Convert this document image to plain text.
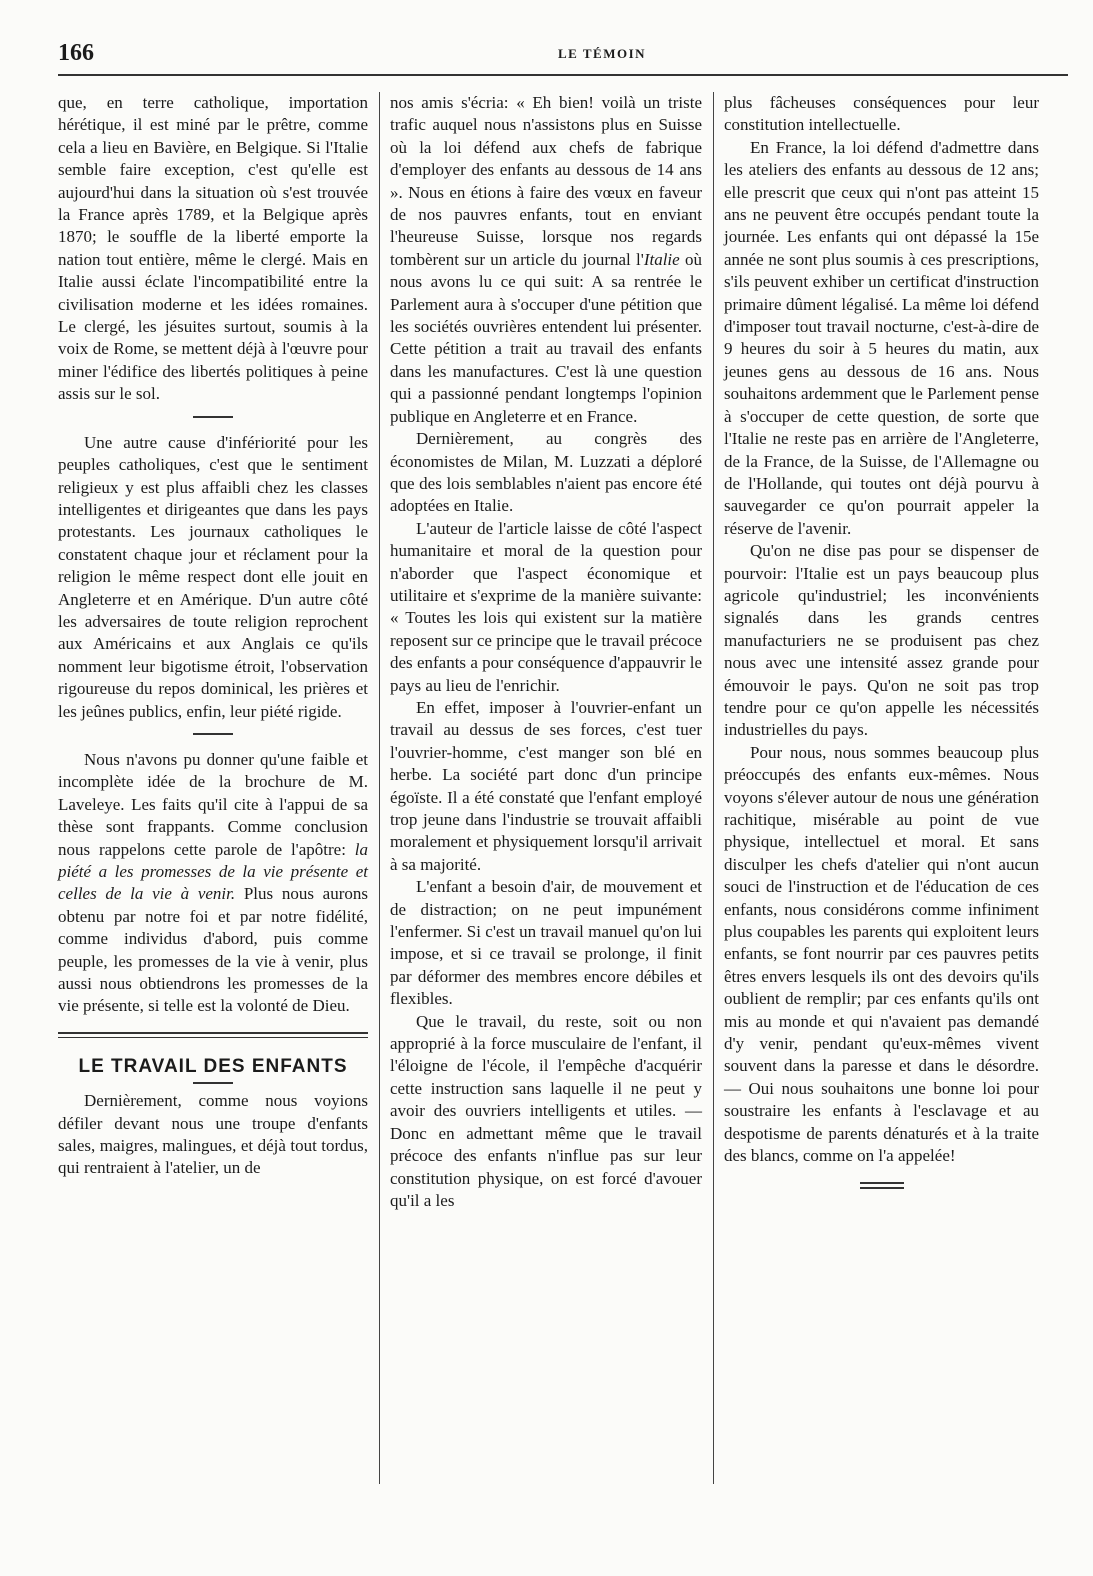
166	LE TÉMOIN

que, en terre catholique, importation hérétique, il est miné par le prêtre, comme cela a lieu en Bavière, en Belgique. Si l'Italie semble faire exception, c'est qu'elle est aujourd'hui dans la situation où s'est trouvée la France après 1789, et la Belgique après 1870; le souffle de la liberté emporte la nation tout entière, même le clergé. Mais en Italie aussi éclate l'incompatibilité entre la civilisation moderne et les idées romaines. Le clergé, les jésuites surtout, soumis à la voix de Rome, se mettent déjà à l'œuvre pour miner l'édifice des libertés politiques à peine assis sur le sol.

Une autre cause d'infériorité pour les peuples catholiques, c'est que le sentiment religieux y est plus affaibli chez les classes intelligentes et dirigeantes que dans les pays protestants. Les journaux catholiques le constatent chaque jour et réclament pour la religion le même respect dont elle jouit en Angleterre et en Amérique. D'un autre côté les adversaires de toute religion reprochent aux Américains et aux Anglais ce qu'ils nomment leur bigotisme étroit, l'observation rigoureuse du repos dominical, les prières et les jeûnes publics, enfin, leur piété rigide.

Nous n'avons pu donner qu'une faible et incomplète idée de la brochure de M. Laveleye. Les faits qu'il cite à l'appui de sa thèse sont frappants. Comme conclusion nous rappelons cette parole de l'apôtre: la piété a les promesses de la vie présente et celles de la vie à venir. Plus nous aurons obtenu par notre foi et par notre fidélité, comme individus d'abord, puis comme peuple, les promesses de la vie à venir, plus aussi nous obtiendrons les promesses de la vie présente, si telle est la volonté de Dieu.

LE TRAVAIL DES ENFANTS

Dernièrement, comme nous voyions défiler devant nous une troupe d'enfants sales, maigres, malingues, et déjà tout tordus, qui rentraient à l'atelier, un de

nos amis s'écria: « Eh bien! voilà un triste trafic auquel nous n'assistons plus en Suisse où la loi défend aux chefs de fabrique d'employer des enfants au dessous de 14 ans ». Nous en étions à faire des vœux en faveur de nos pauvres enfants, tout en enviant l'heureuse Suisse, lorsque nos regards tombèrent sur un article du journal l'Italie où nous avons lu ce qui suit: A sa rentrée le Parlement aura à s'occuper d'une pétition que les sociétés ouvrières entendent lui présenter. Cette pétition a trait au travail des enfants dans les manufactures. C'est là une question qui a passionné pendant longtemps l'opinion publique en Angleterre et en France.

Dernièrement, au congrès des économistes de Milan, M. Luzzati a déploré que des lois semblables n'aient pas encore été adoptées en Italie.

L'auteur de l'article laisse de côté l'aspect humanitaire et moral de la question pour n'aborder que l'aspect économique et utilitaire et s'exprime de la manière suivante: « Toutes les lois qui existent sur la matière reposent sur ce principe que le travail précoce des enfants a pour conséquence d'appauvrir le pays au lieu de l'enrichir.

En effet, imposer à l'ouvrier-enfant un travail au dessus de ses forces, c'est tuer l'ouvrier-homme, c'est manger son blé en herbe. La société part donc d'un principe égoïste. Il a été constaté que l'enfant employé trop jeune dans l'industrie se trouvait affaibli moralement et physiquement lorsqu'il arrivait à sa majorité.

L'enfant a besoin d'air, de mouvement et de distraction; on ne peut impunément l'enfermer. Si c'est un travail manuel qu'on lui impose, et si ce travail se prolonge, il finit par déformer des membres encore débiles et flexibles.

Que le travail, du reste, soit ou non approprié à la force musculaire de l'enfant, il l'éloigne de l'école, il l'empêche d'acquérir cette instruction sans laquelle il ne peut y avoir des ouvriers intelligents et utiles. — Donc en admettant même que le travail précoce des enfants n'influe pas sur leur constitution physique, on est forcé d'avouer qu'il a les

plus fâcheuses conséquences pour leur constitution intellectuelle.

En France, la loi défend d'admettre dans les ateliers des enfants au dessous de 12 ans; elle prescrit que ceux qui n'ont pas atteint 15 ans ne peuvent être occupés pendant toute la journée. Les enfants qui ont dépassé la 15e année ne sont plus soumis à ces prescriptions, s'ils peuvent exhiber un certificat d'instruction primaire dûment légalisé. La même loi défend d'imposer tout travail nocturne, c'est-à-dire de 9 heures du soir à 5 heures du matin, aux jeunes gens au dessous de 16 ans. Nous souhaitons ardemment que le Parlement pense à s'occuper de cette question, de sorte que l'Italie ne reste pas en arrière de l'Angleterre, de la France, de la Suisse, de l'Allemagne ou de l'Hollande, qui toutes ont déjà pourvu à sauvegarder ce qu'on pourrait appeler la réserve de l'avenir.

Qu'on ne dise pas pour se dispenser de pourvoir: l'Italie est un pays beaucoup plus agricole qu'industriel; les inconvénients signalés dans les grands centres manufacturiers ne se produisent pas chez nous avec une intensité assez grande pour émouvoir le pays. Qu'on ne soit pas trop tendre pour ce qu'on appelle les nécessités industrielles du pays.

Pour nous, nous sommes beaucoup plus préoccupés des enfants eux-mêmes. Nous voyons s'élever autour de nous une génération rachitique, misérable au point de vue physique, intellectuel et moral. Et sans disculper les chefs d'atelier qui n'ont aucun souci de l'instruction et de l'éducation de ces enfants, nous considérons comme infiniment plus coupables les parents qui exploitent leurs enfants, se font nourrir par ces pauvres petits êtres envers lesquels ils ont des devoirs qu'ils oublient de remplir; par ces enfants qu'ils ont mis au monde et qui n'avaient pas demandé d'y venir, pendant qu'eux-mêmes vivent souvent dans la paresse et dans le désordre. — Oui nous souhaitons une bonne loi pour soustraire les enfants à l'esclavage et au despotisme de parents dénaturés et à la traite des blancs, comme on l'a appelée!
